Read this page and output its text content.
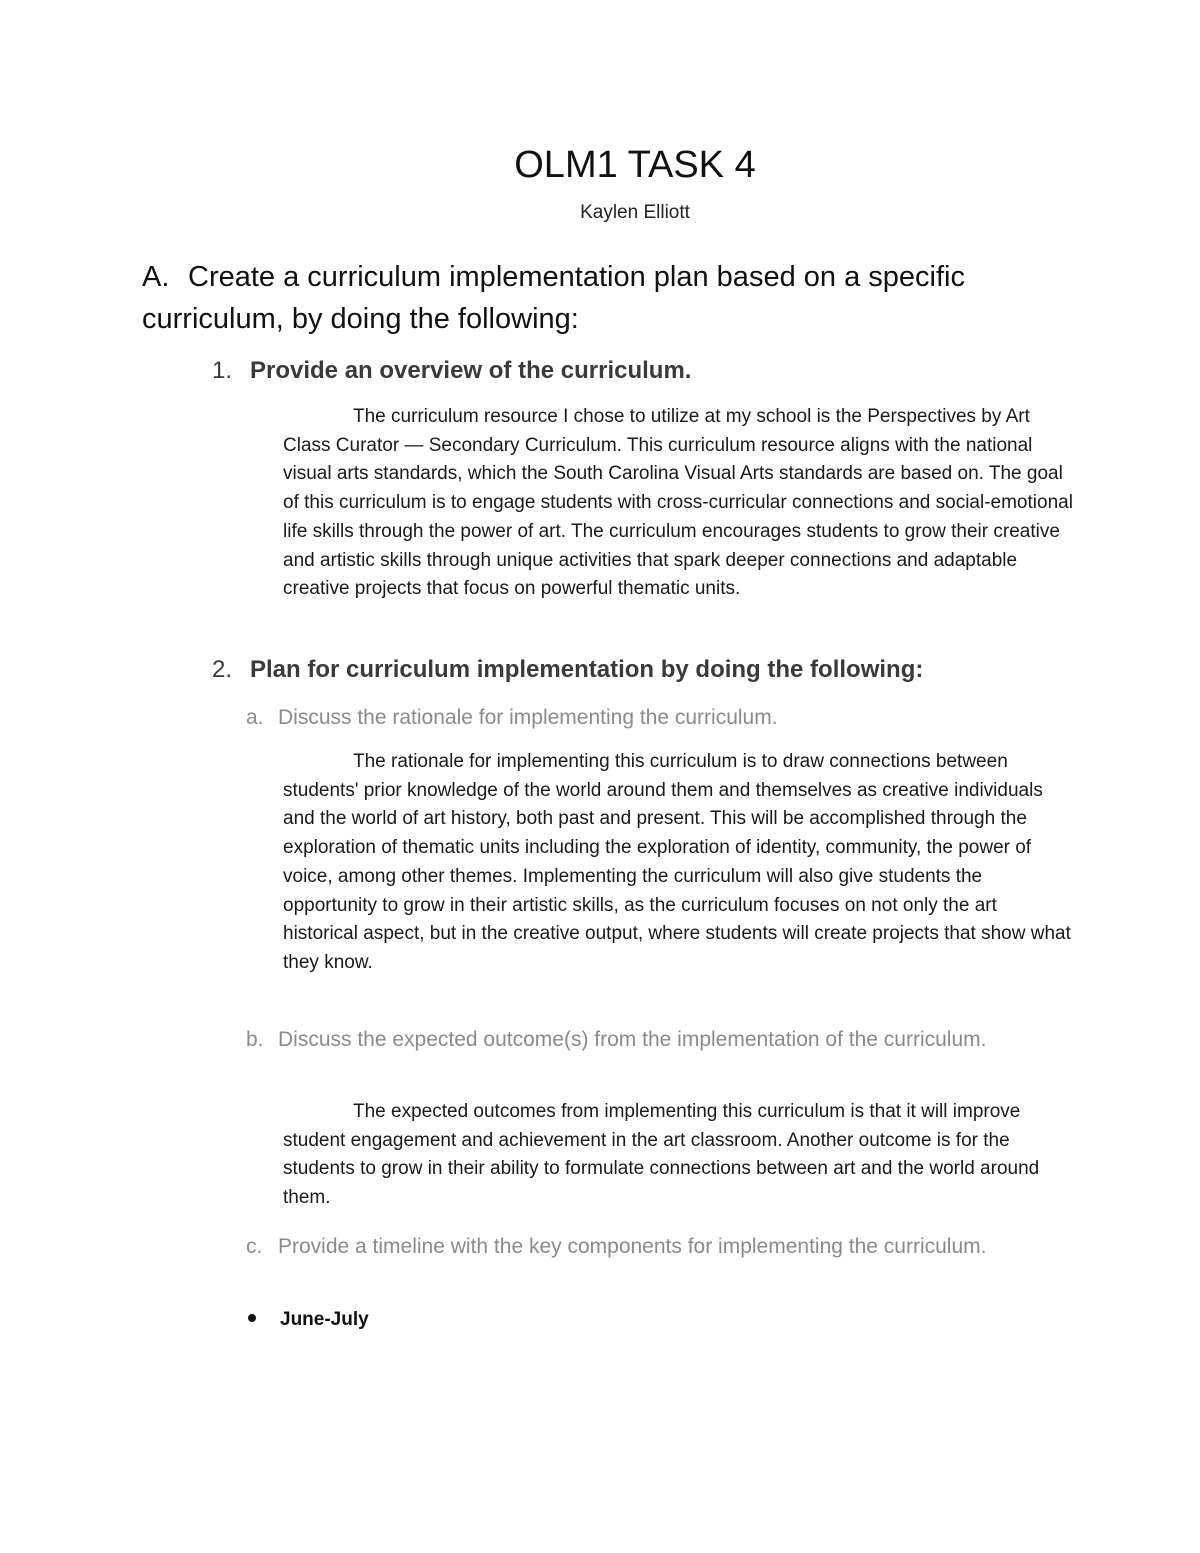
OLM1 TASK 4
Kaylen Elliott
A. Create a curriculum implementation plan based on a specific curriculum, by doing the following:
1. Provide an overview of the curriculum.
The curriculum resource I chose to utilize at my school is the Perspectives by Art Class Curator — Secondary Curriculum. This curriculum resource aligns with the national visual arts standards, which the South Carolina Visual Arts standards are based on. The goal of this curriculum is to engage students with cross-curricular connections and social-emotional life skills through the power of art. The curriculum encourages students to grow their creative and artistic skills through unique activities that spark deeper connections and adaptable creative projects that focus on powerful thematic units.
2. Plan for curriculum implementation by doing the following:
a. Discuss the rationale for implementing the curriculum.
The rationale for implementing this curriculum is to draw connections between students' prior knowledge of the world around them and themselves as creative individuals and the world of art history, both past and present. This will be accomplished through the exploration of thematic units including the exploration of identity, community, the power of voice, among other themes. Implementing the curriculum will also give students the opportunity to grow in their artistic skills, as the curriculum focuses on not only the art historical aspect, but in the creative output, where students will create projects that show what they know.
b. Discuss the expected outcome(s) from the implementation of the curriculum.
The expected outcomes from implementing this curriculum is that it will improve student engagement and achievement in the art classroom. Another outcome is for the students to grow in their ability to formulate connections between art and the world around them.
c. Provide a timeline with the key components for implementing the curriculum.
June-July
